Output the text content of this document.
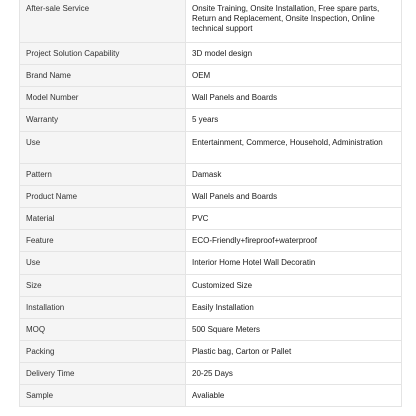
After-sale Service	Onsite Training, Onsite Installation, Free spare parts, Return and Replacement, Onsite Inspection, Online technical support
Project Solution Capability	3D model design
Brand Name	OEM
Model Number	Wall Panels and Boards
Warranty	5 years
Use	Entertainment, Commerce, Household, Administration
Pattern	Damask
Product Name	Wall Panels and Boards
Material	PVC
Feature	ECO-Friendly+fireproof+waterproof
Use	Interior Home Hotel Wall Decoratin
Size	Customized Size
Installation	Easily Installation
MOQ	500 Square Meters
Packing	Plastic bag, Carton or Pallet
Delivery Time	20-25 Days
Sample	Avaliable
